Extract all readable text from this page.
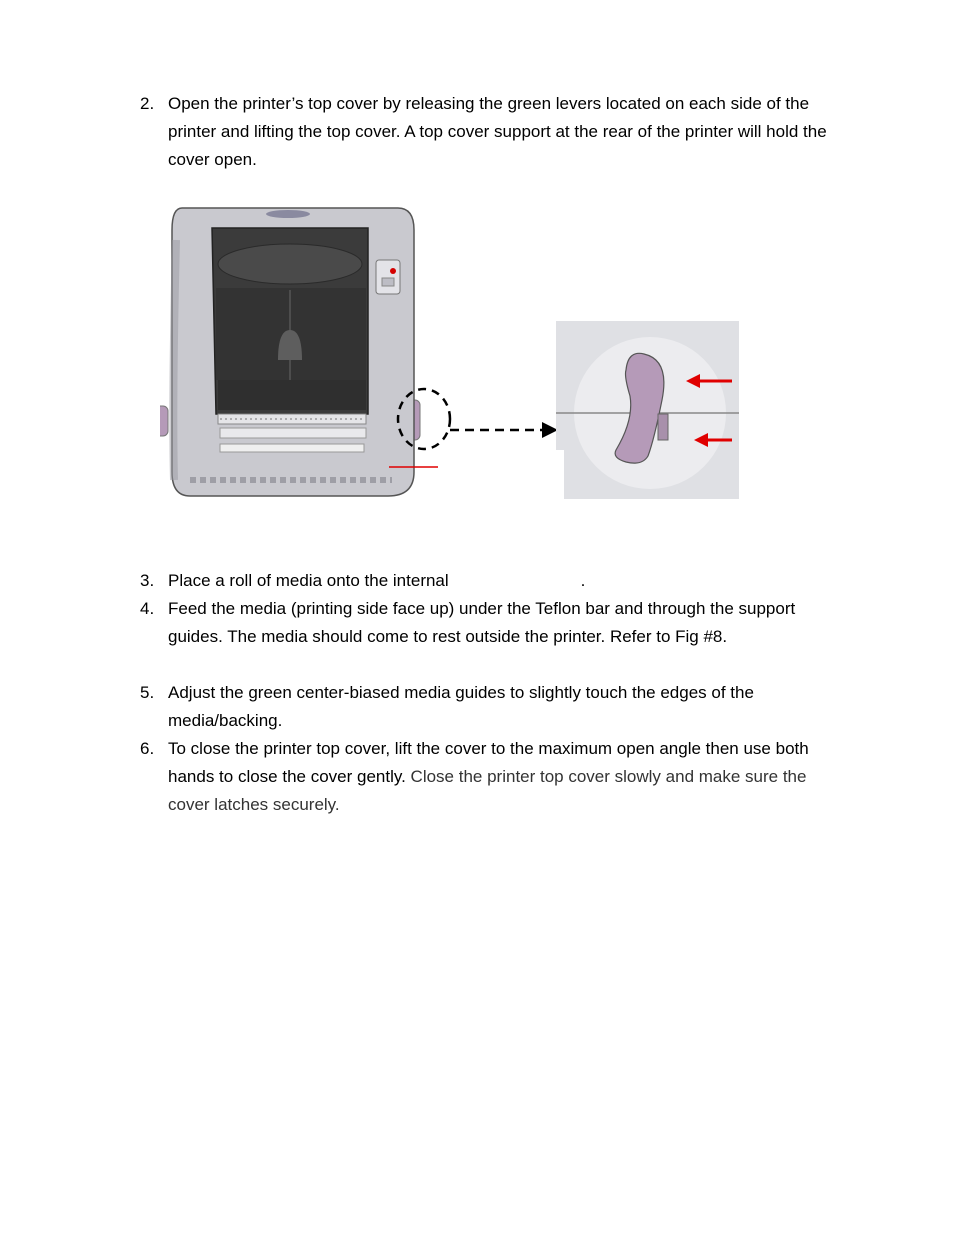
2. Open the printer’s top cover by releasing the green levers located on each side of the printer and lifting the top cover. A top cover support at the rear of the printer will hold the cover open.
3. Place a roll of media onto the internal	.
4. Feed the media (printing side face up) under the Teflon bar and through the support guides. The media should come to rest outside the printer. Refer to Fig #8.
5. Adjust the green center-biased media guides to slightly touch the edges of the media/backing.
6. To close the printer top cover, lift the cover to the maximum open angle then use both hands to close the cover gently. Close the printer top cover slowly and make sure the cover latches securely.
